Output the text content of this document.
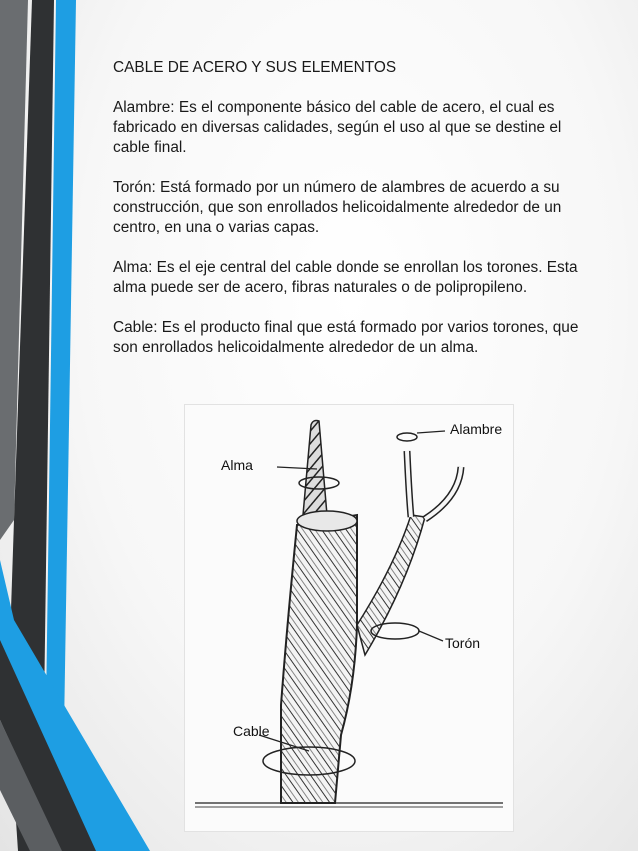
CABLE DE ACERO Y SUS ELEMENTOS

Alambre: Es el componente básico del cable de acero, el cual es fabricado en diversas calidades, según el uso al que se destine el cable final.

Torón: Está formado por un número de alambres de acuerdo a su construcción, que son enrollados helicoidalmente alrededor de un centro, en una o varias capas.

Alma: Es el eje central del cable donde se enrollan los torones. Esta alma puede ser de acero, fibras naturales o de polipropileno.

Cable: Es el producto final que está formado por varios torones, que son enrollados helicoidalmente alrededor de un alma.

Alambre
Alma
Torón
Cable
